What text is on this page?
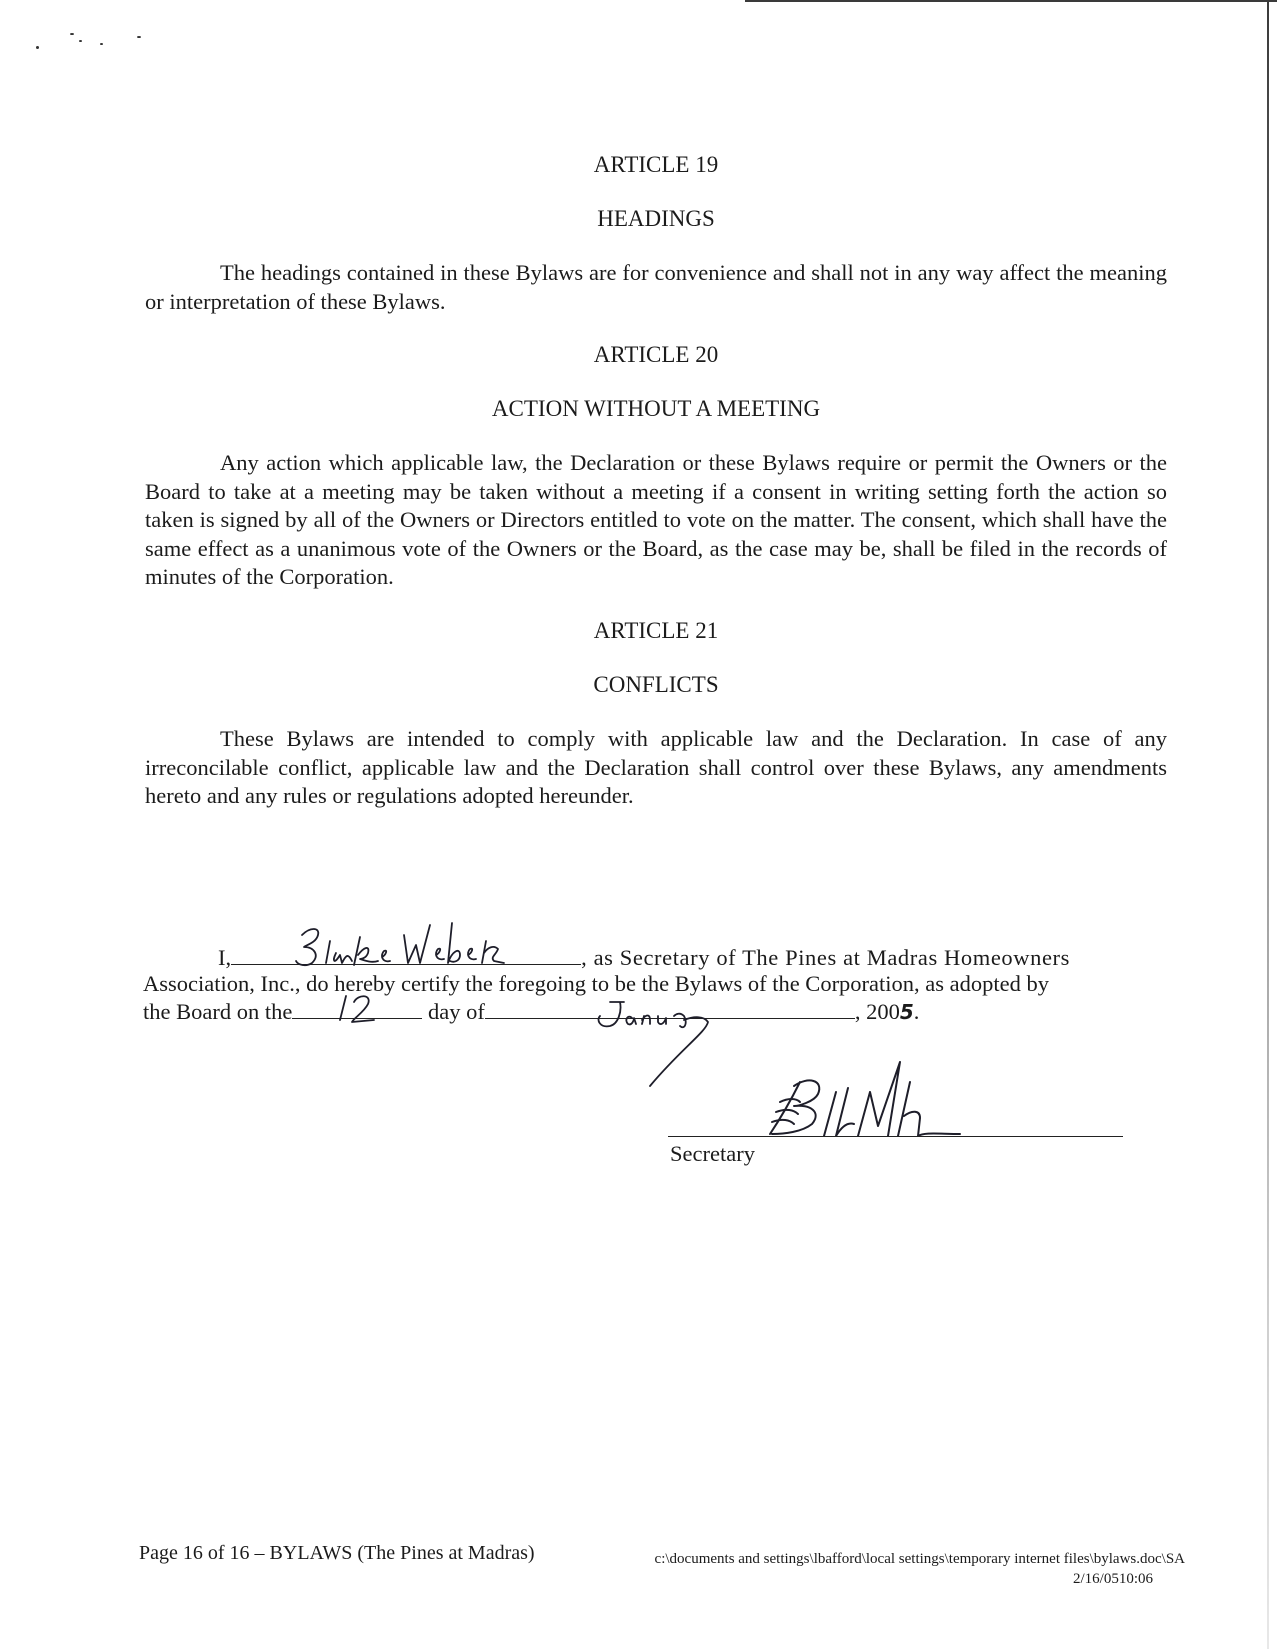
ARTICLE 19
HEADINGS
The headings contained in these Bylaws are for convenience and shall not in any way affect the meaning or interpretation of these Bylaws.
ARTICLE 20
ACTION WITHOUT A MEETING
Any action which applicable law, the Declaration or these Bylaws require or permit the Owners or the Board to take at a meeting may be taken without a meeting if a consent in writing setting forth the action so taken is signed by all of the Owners or Directors entitled to vote on the matter. The consent, which shall have the same effect as a unanimous vote of the Owners or the Board, as the case may be, shall be filed in the records of minutes of the Corporation.
ARTICLE 21
CONFLICTS
These Bylaws are intended to comply with applicable law and the Declaration. In case of any irreconcilable conflict, applicable law and the Declaration shall control over these Bylaws, any amendments hereto and any rules or regulations adopted hereunder.
I,	, as Secretary of The Pines at Madras Homeowners
Association, Inc., do hereby certify the foregoing to be the Bylaws of the Corporation, as adopted by
the Board on the	day of	, 2005.
Secretary
Page 16 of 16 – BYLAWS (The Pines at Madras)	c:\documents and settings\lbafford\local settings\temporary internet files\bylaws.doc\SA
2/16/0510:06
